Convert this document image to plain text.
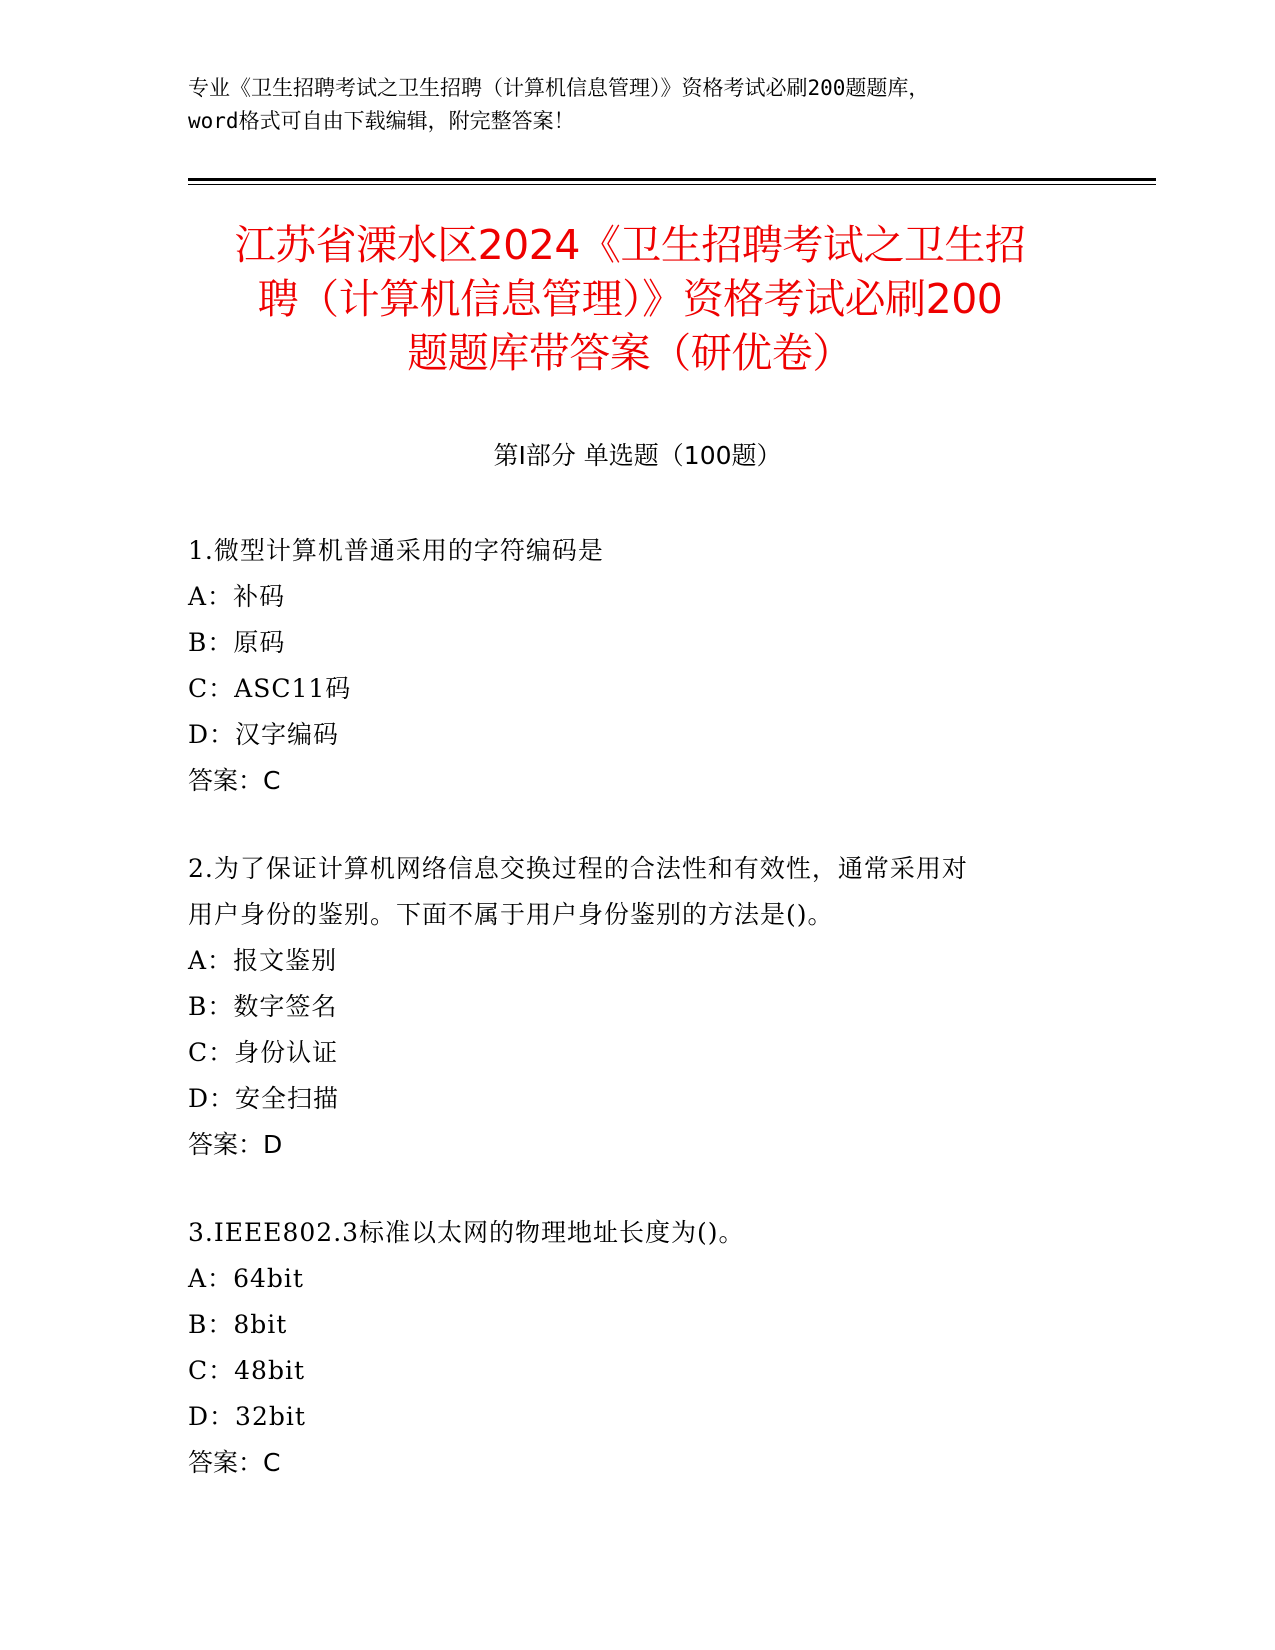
专业《卫生招聘考试之卫生招聘（计算机信息管理）》资格考试必刷200题题库，
word格式可自由下载编辑，附完整答案！
江苏省溧水区2024《卫生招聘考试之卫生招
聘（计算机信息管理）》资格考试必刷200
题题库带答案（研优卷）
第Ⅰ部分 单选题（100题）
1.微型计算机普通采用的字符编码是
A：补码
B：原码
C：ASC11码
D：汉字编码
答案：C
2.为了保证计算机网络信息交换过程的合法性和有效性，通常采用对
用户身份的鉴别。下面不属于用户身份鉴别的方法是()。
A：报文鉴别
B：数字签名
C：身份认证
D：安全扫描
答案：D
3.IEEE802.3标准以太网的物理地址长度为()。
A：64bit
B：8bit
C：48bit
D：32bit
答案：C
